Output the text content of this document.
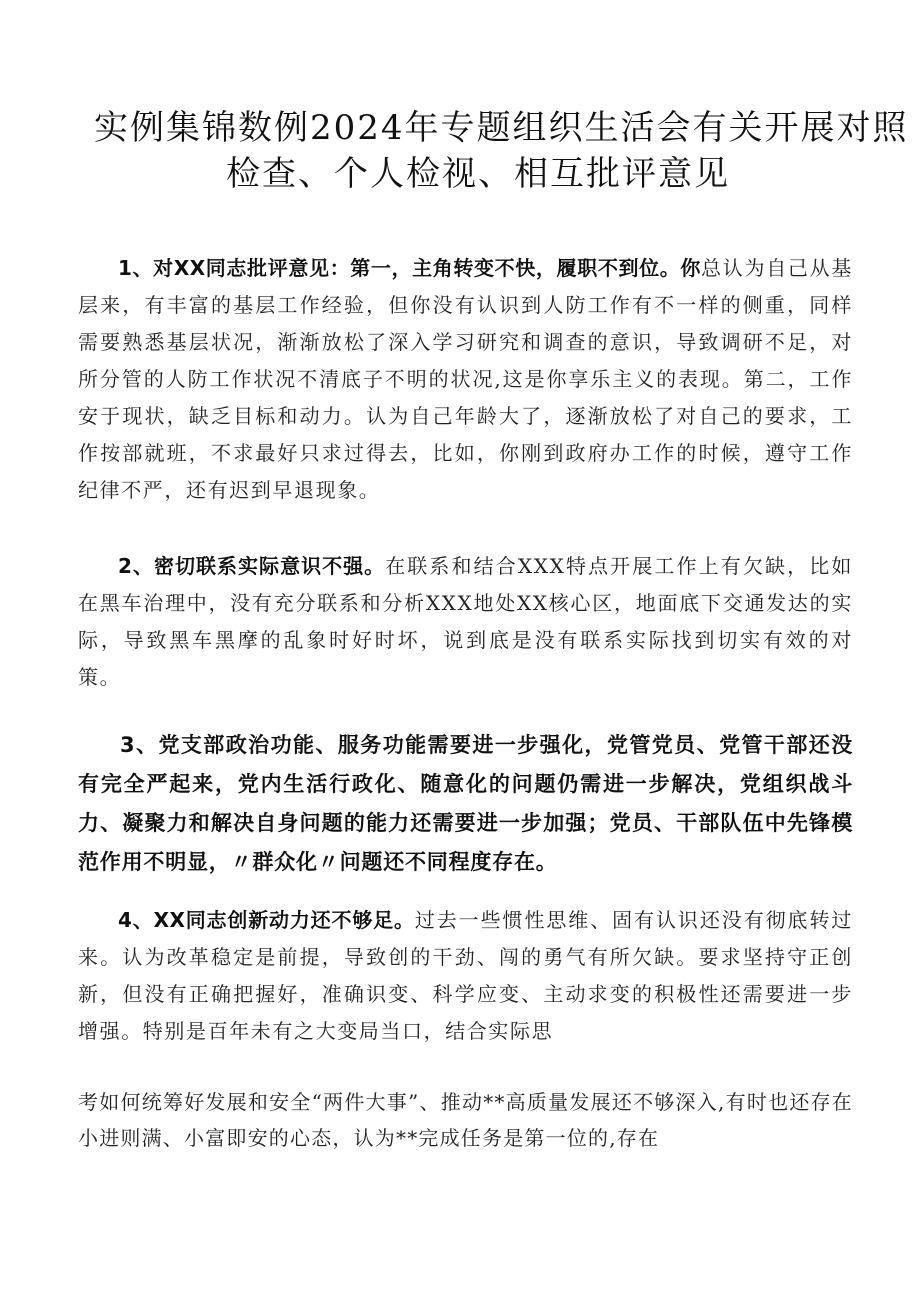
实例集锦数例2024年专题组织生活会有关开展对照
检查、个人检视、相互批评意见

1、对XX同志批评意见：第一，主角转变不快，履职不到位。你总认为自己从基层来，有丰富的基层工作经验，但你没有认识到人防工作有不一样的侧重，同样需要熟悉基层状况，渐渐放松了深入学习研究和调查的意识，导致调研不足，对所分管的人防工作状况不清底子不明的状况,这是你享乐主义的表现。第二，工作安于现状，缺乏目标和动力。认为自己年龄大了，逐渐放松了对自己的要求，工作按部就班，不求最好只求过得去，比如，你刚到政府办工作的时候，遵守工作纪律不严，还有迟到早退现象。

2、密切联系实际意识不强。在联系和结合XXX特点开展工作上有欠缺，比如在黑车治理中，没有充分联系和分析XXX地处XX核心区，地面底下交通发达的实际，导致黑车黑摩的乱象时好时坏，说到底是没有联系实际找到切实有效的对策。

3、党支部政治功能、服务功能需要进一步强化，党管党员、党管干部还没有完全严起来，党内生活行政化、随意化的问题仍需进一步解决，党组织战斗力、凝聚力和解决自身问题的能力还需要进一步加强；党员、干部队伍中先锋模范作用不明显，〃群众化〃问题还不同程度存在。

4、XX同志创新动力还不够足。过去一些惯性思维、固有认识还没有彻底转过来。认为改革稳定是前提，导致创的干劲、闯的勇气有所欠缺。要求坚持守正创新，但没有正确把握好，准确识变、科学应变、主动求变的积极性还需要进一步增强。特别是百年未有之大变局当口，结合实际思

考如何统筹好发展和安全“两件大事”、推动**高质量发展还不够深入,有时也还存在小进则满、小富即安的心态，认为**完成任务是第一位的,存在
